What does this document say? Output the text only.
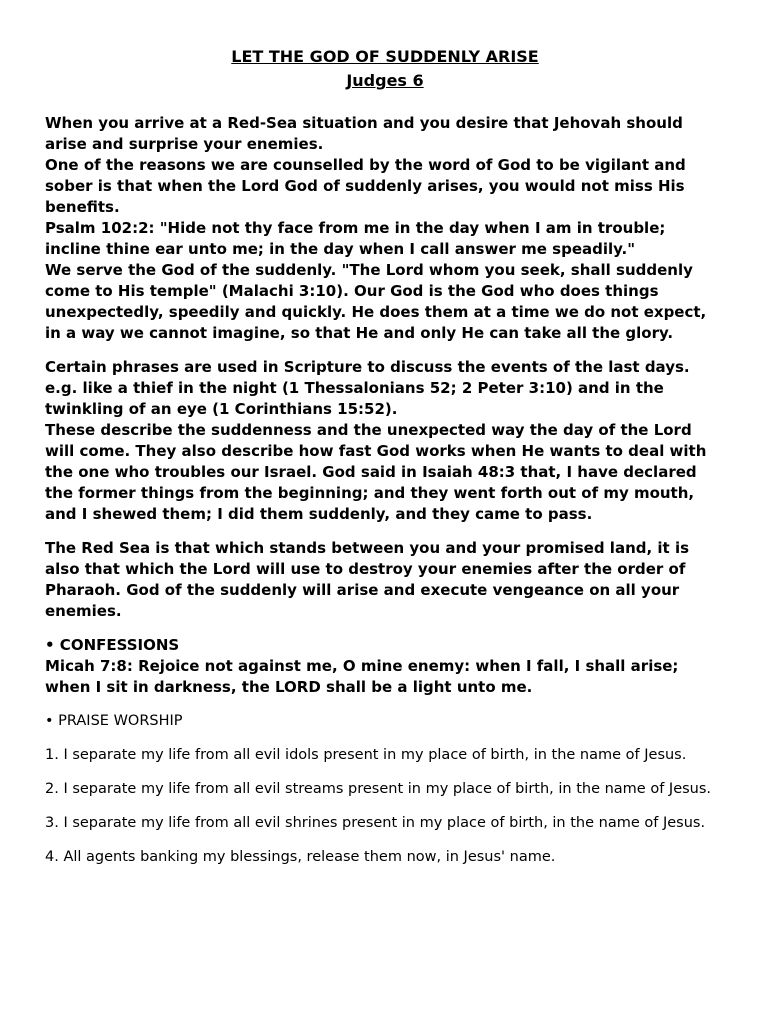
LET THE GOD OF SUDDENLY ARISE
Judges 6

When you arrive at a Red-Sea situation and you desire that Jehovah should arise and surprise your enemies.

One of the reasons we are counselled by the word of God to be vigilant and sober is that when the Lord God of suddenly arises, you would not miss His benefits.

Psalm 102:2: "Hide not thy face from me in the day when I am in trouble; incline thine ear unto me; in the day when I call answer me speadily."

We serve the God of the suddenly. "The Lord whom you seek, shall suddenly come to His temple" (Malachi 3:10). Our God is the God who does things unexpectedly, speedily and quickly. He does them at a time we do not expect, in a way we cannot imagine, so that He and only He can take all the glory.

Certain phrases are used in Scripture to discuss the events of the last days. e.g. like a thief in the night (1 Thessalonians 52; 2 Peter 3:10) and in the twinkling of an eye (1 Corinthians 15:52).

These describe the suddenness and the unexpected way the day of the Lord will come. They also describe how fast God works when He wants to deal with the one who troubles our Israel. God said in Isaiah 48:3 that, I have declared the former things from the beginning; and they went forth out of my mouth, and I shewed them; I did them suddenly, and they came to pass.

The Red Sea is that which stands between you and your promised land, it is also that which the Lord will use to destroy your enemies after the order of Pharaoh. God of the suddenly will arise and execute vengeance on all your enemies.

• CONFESSIONS

Micah 7:8: Rejoice not against me, O mine enemy: when I fall, I shall arise; when I sit in darkness, the LORD shall be a light unto me.

• PRAISE WORSHIP

1. I separate my life from all evil idols present in my place of birth, in the name of Jesus.

2. I separate my life from all evil streams present in my place of birth, in the name of Jesus.

3. I separate my life from all evil shrines present in my place of birth, in the name of Jesus.

4. All agents banking my blessings, release them now, in Jesus' name.
